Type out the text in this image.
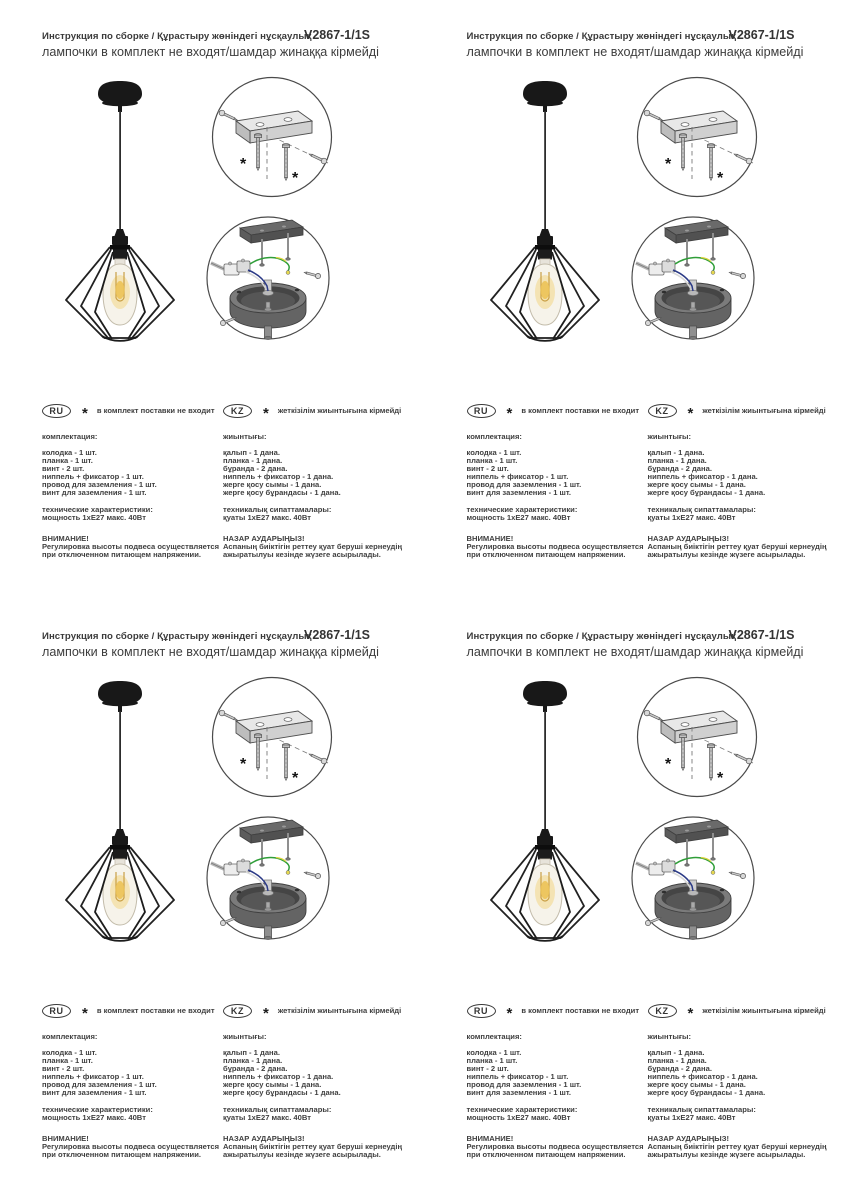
Инструкция по сборке / Құрастыру жөніндегі нұсқаулық
V2867-1/1S
лампочки в комплект не входят/шамдар жинаққа кірмейді
*
*
RU	* в комплект поставки не входит
комплектация:
колодка - 1 шт.
планка - 1 шт.
винт - 2 шт.
ниппель + фиксатор - 1 шт.
провод для заземления - 1 шт.
винт для заземления - 1 шт.
технические характеристики:
мощность 1хЕ27 макс. 40Вт
ВНИМАНИЕ!
Регулировка высоты подвеса осуществляется при отключенном питающем напряжении.
KZ	* жеткізілім жиынтығына кірмейді
жиынтығы:
қалып - 1 дана.
планка - 1 дана.
бұранда - 2 дана.
ниппель + фиксатор - 1 дана.
жерге қосу сымы - 1 дана.
жерге қосу бұрандасы - 1 дана.
техникалық сипаттамалары:
қуаты 1хЕ27 макс. 40Вт
НАЗАР АУДАРЫҢЫЗ!
Аспаның биіктігін реттеу қуат беруші кернеудің ажыратылуы кезінде жүзеге асырылады.
Инструкция по сборке / Құрастыру жөніндегі нұсқаулық
V2867-1/1S
лампочки в комплект не входят/шамдар жинаққа кірмейді
*
*
RU	* в комплект поставки не входит
комплектация:
колодка - 1 шт.
планка - 1 шт.
винт - 2 шт.
ниппель + фиксатор - 1 шт.
провод для заземления - 1 шт.
винт для заземления - 1 шт.
технические характеристики:
мощность 1хЕ27 макс. 40Вт
ВНИМАНИЕ!
Регулировка высоты подвеса осуществляется при отключенном питающем напряжении.
KZ	* жеткізілім жиынтығына кірмейді
жиынтығы:
қалып - 1 дана.
планка - 1 дана.
бұранда - 2 дана.
ниппель + фиксатор - 1 дана.
жерге қосу сымы - 1 дана.
жерге қосу бұрандасы - 1 дана.
техникалық сипаттамалары:
қуаты 1хЕ27 макс. 40Вт
НАЗАР АУДАРЫҢЫЗ!
Аспаның биіктігін реттеу қуат беруші кернеудің ажыратылуы кезінде жүзеге асырылады.
Инструкция по сборке / Құрастыру жөніндегі нұсқаулық
V2867-1/1S
лампочки в комплект не входят/шамдар жинаққа кірмейді
*
*
RU	* в комплект поставки не входит
комплектация:
колодка - 1 шт.
планка - 1 шт.
винт - 2 шт.
ниппель + фиксатор - 1 шт.
провод для заземления - 1 шт.
винт для заземления - 1 шт.
технические характеристики:
мощность 1хЕ27 макс. 40Вт
ВНИМАНИЕ!
Регулировка высоты подвеса осуществляется при отключенном питающем напряжении.
KZ	* жеткізілім жиынтығына кірмейді
жиынтығы:
қалып - 1 дана.
планка - 1 дана.
бұранда - 2 дана.
ниппель + фиксатор - 1 дана.
жерге қосу сымы - 1 дана.
жерге қосу бұрандасы - 1 дана.
техникалық сипаттамалары:
қуаты 1хЕ27 макс. 40Вт
НАЗАР АУДАРЫҢЫЗ!
Аспаның биіктігін реттеу қуат беруші кернеудің ажыратылуы кезінде жүзеге асырылады.
Инструкция по сборке / Құрастыру жөніндегі нұсқаулық
V2867-1/1S
лампочки в комплект не входят/шамдар жинаққа кірмейді
*
*
RU	* в комплект поставки не входит
комплектация:
колодка - 1 шт.
планка - 1 шт.
винт - 2 шт.
ниппель + фиксатор - 1 шт.
провод для заземления - 1 шт.
винт для заземления - 1 шт.
технические характеристики:
мощность 1хЕ27 макс. 40Вт
ВНИМАНИЕ!
Регулировка высоты подвеса осуществляется при отключенном питающем напряжении.
KZ	* жеткізілім жиынтығына кірмейді
жиынтығы:
қалып - 1 дана.
планка - 1 дана.
бұранда - 2 дана.
ниппель + фиксатор - 1 дана.
жерге қосу сымы - 1 дана.
жерге қосу бұрандасы - 1 дана.
техникалық сипаттамалары:
қуаты 1хЕ27 макс. 40Вт
НАЗАР АУДАРЫҢЫЗ!
Аспаның биіктігін реттеу қуат беруші кернеудің ажыратылуы кезінде жүзеге асырылады.
